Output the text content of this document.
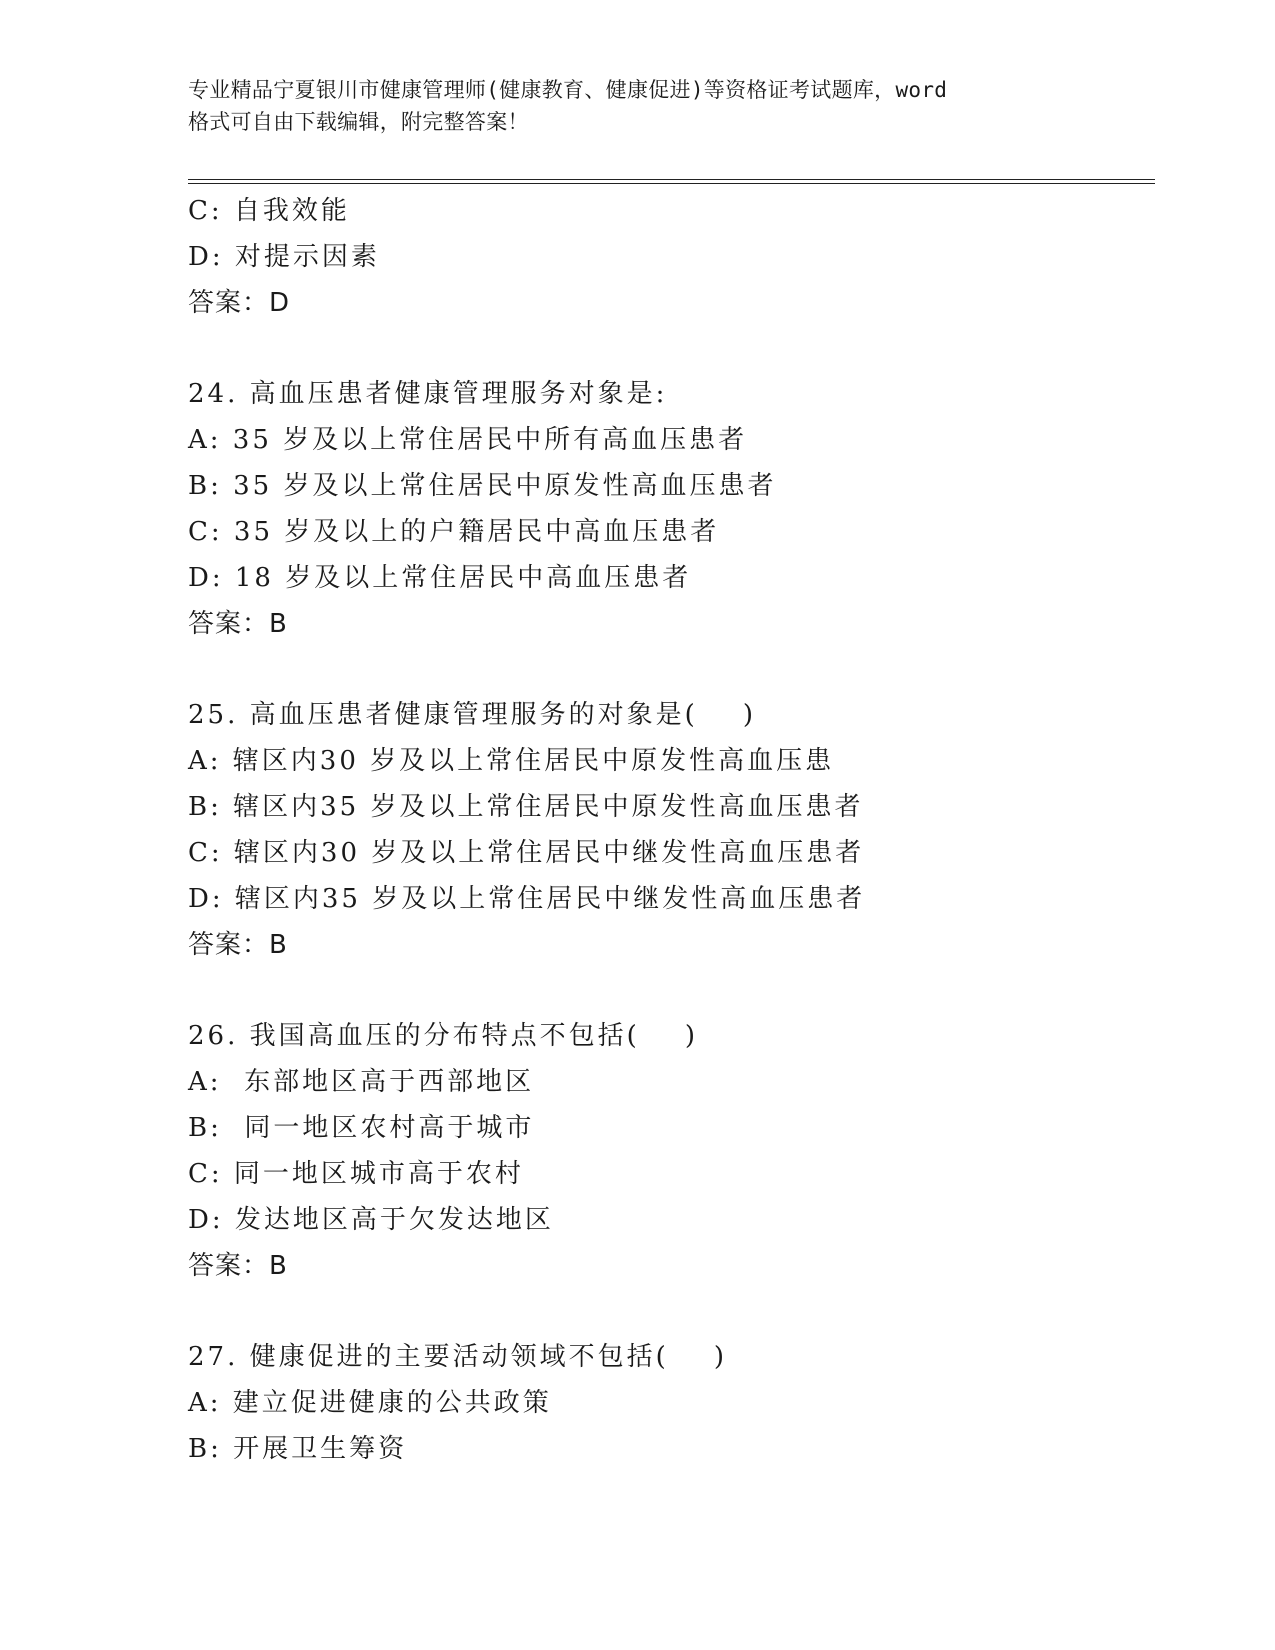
专业精品宁夏银川市健康管理师(健康教育、健康促进)等资格证考试题库，word
格式可自由下载编辑，附完整答案！
C: 自我效能
D: 对提示因素
答案：D
24. 高血压患者健康管理服务对象是:
A: 35 岁及以上常住居民中所有高血压患者
B: 35 岁及以上常住居民中原发性高血压患者
C: 35 岁及以上的户籍居民中高血压患者
D: 18 岁及以上常住居民中高血压患者
答案：B
25. 高血压患者健康管理服务的对象是(    )
A: 辖区内30 岁及以上常住居民中原发性高血压患
B: 辖区内35 岁及以上常住居民中原发性高血压患者
C: 辖区内30 岁及以上常住居民中继发性高血压患者
D: 辖区内35 岁及以上常住居民中继发性高血压患者
答案：B
26. 我国高血压的分布特点不包括(    )
A:  东部地区高于西部地区
B:  同一地区农村高于城市
C: 同一地区城市高于农村
D: 发达地区高于欠发达地区
答案：B
27. 健康促进的主要活动领域不包括(    )
A: 建立促进健康的公共政策
B: 开展卫生筹资
